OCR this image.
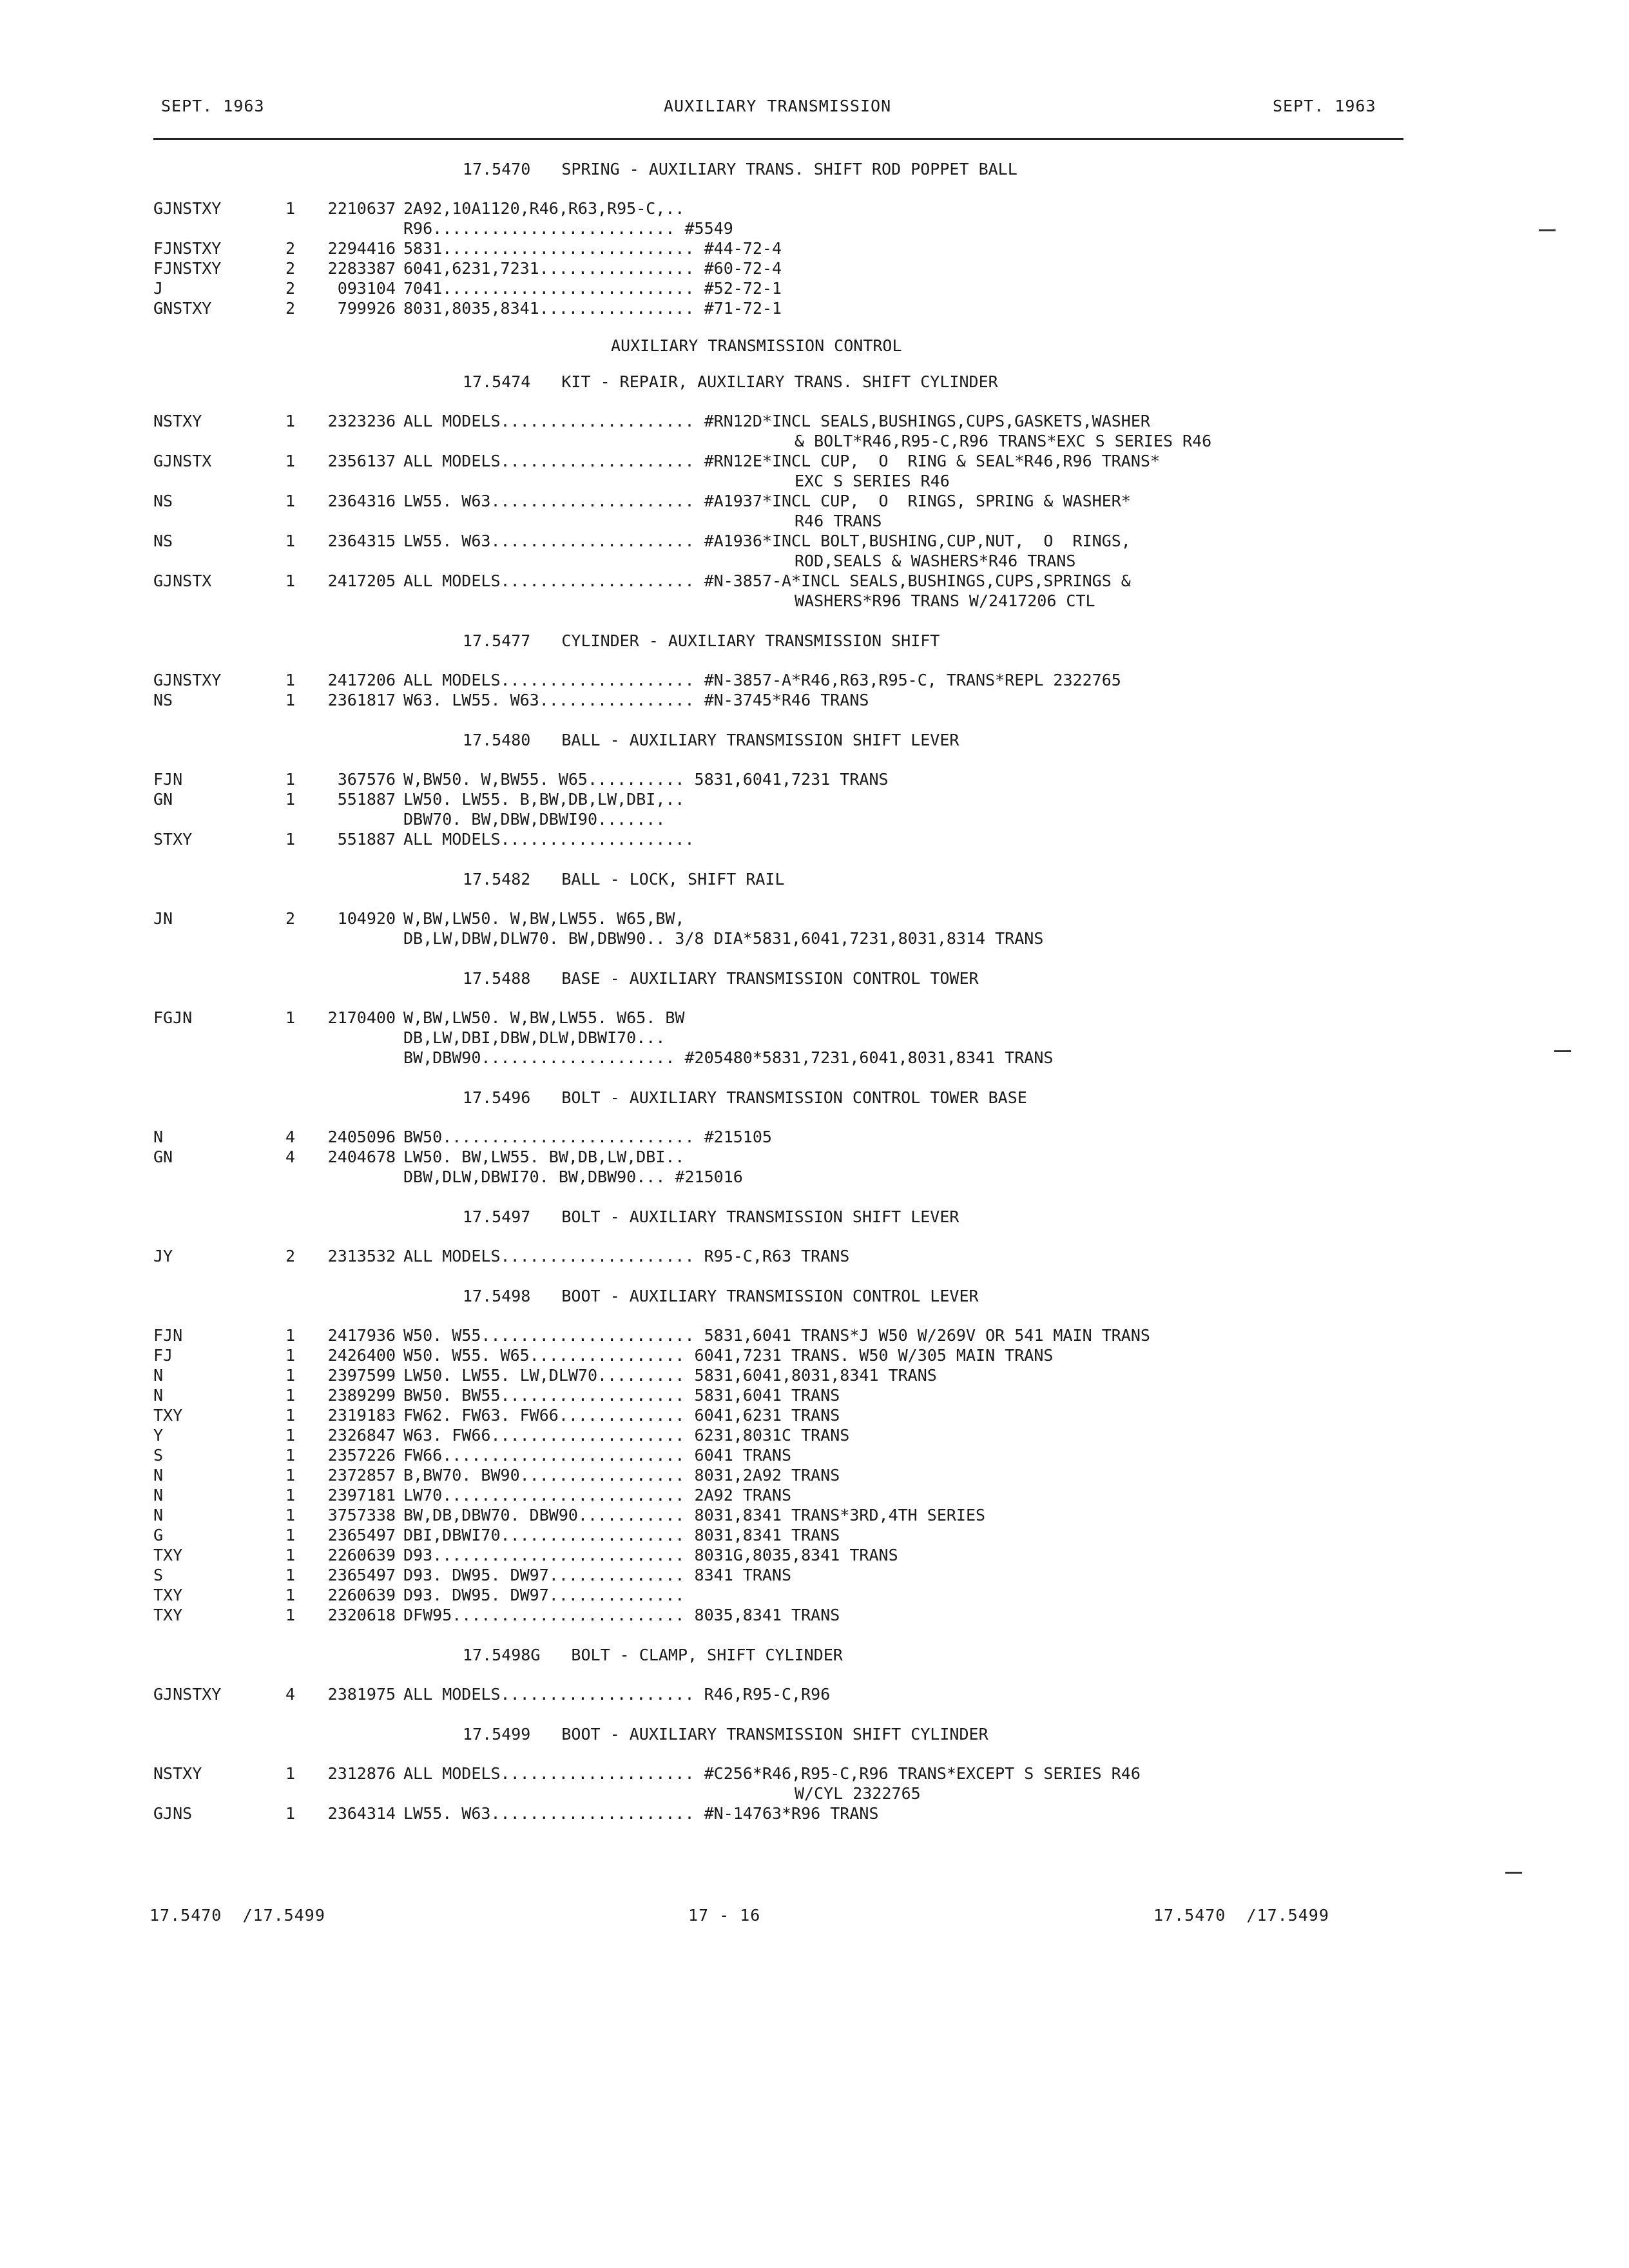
SEPT. 1963	AUXILIARY TRANSMISSION	SEPT. 1963
17.5470 SPRING - AUXILIARY TRANS. SHIFT ROD POPPET BALL
GJNSTXY	1	2210637 2A92,10A1120,R46,R63,R95-C,..
R96......................... #5549
FJNSTXY	2	2294416 5831.......................... #44-72-4
FJNSTXY	2	2283387 6041,6231,7231................ #60-72-4
J	2	093104 7041.......................... #52-72-1
GNSTXY	2	799926 8031,8035,8341................ #71-72-1
AUXILIARY TRANSMISSION CONTROL
17.5474 KIT - REPAIR, AUXILIARY TRANS. SHIFT CYLINDER
NSTXY	1	2323236 ALL MODELS.................... #RN12D*INCL SEALS,BUSHINGS,CUPS,GASKETS,WASHER
& BOLT*R46,R95-C,R96 TRANS*EXC S SERIES R46
GJNSTX	1	2356137 ALL MODELS.................... #RN12E*INCL CUP,  O  RING & SEAL*R46,R96 TRANS*
EXC S SERIES R46
NS	1	2364316 LW55. W63..................... #A1937*INCL CUP,  O  RINGS, SPRING & WASHER*
R46 TRANS
NS	1	2364315 LW55. W63..................... #A1936*INCL BOLT,BUSHING,CUP,NUT,  O  RINGS,
ROD,SEALS & WASHERS*R46 TRANS
GJNSTX	1	2417205 ALL MODELS.................... #N-3857-A*INCL SEALS,BUSHINGS,CUPS,SPRINGS &
WASHERS*R96 TRANS W/2417206 CTL
17.5477 CYLINDER - AUXILIARY TRANSMISSION SHIFT
GJNSTXY	1	2417206 ALL MODELS.................... #N-3857-A*R46,R63,R95-C, TRANS*REPL 2322765
NS	1	2361817 W63. LW55. W63................ #N-3745*R46 TRANS
17.5480 BALL - AUXILIARY TRANSMISSION SHIFT LEVER
FJN	1	367576 W,BW50. W,BW55. W65.......... 5831,6041,7231 TRANS
GN	1	551887 LW50. LW55. B,BW,DB,LW,DBI,..
DBW70. BW,DBW,DBWI90.......
STXY	1	551887 ALL MODELS....................
17.5482 BALL - LOCK, SHIFT RAIL
JN	2	104920 W,BW,LW50. W,BW,LW55. W65,BW,
DB,LW,DBW,DLW70. BW,DBW90.. 3/8 DIA*5831,6041,7231,8031,8314 TRANS
17.5488 BASE - AUXILIARY TRANSMISSION CONTROL TOWER
FGJN	1	2170400 W,BW,LW50. W,BW,LW55. W65. BW
DB,LW,DBI,DBW,DLW,DBWI70...
BW,DBW90.................... #205480*5831,7231,6041,8031,8341 TRANS
17.5496 BOLT - AUXILIARY TRANSMISSION CONTROL TOWER BASE
N	4	2405096 BW50.......................... #215105
GN	4	2404678 LW50. BW,LW55. BW,DB,LW,DBI..
DBW,DLW,DBWI70. BW,DBW90... #215016
17.5497 BOLT - AUXILIARY TRANSMISSION SHIFT LEVER
JY	2	2313532 ALL MODELS.................... R95-C,R63 TRANS
17.5498 BOOT - AUXILIARY TRANSMISSION CONTROL LEVER
FJN	1	2417936 W50. W55...................... 5831,6041 TRANS*J W50 W/269V OR 541 MAIN TRANS
FJ	1	2426400 W50. W55. W65................ 6041,7231 TRANS. W50 W/305 MAIN TRANS
N	1	2397599 LW50. LW55. LW,DLW70......... 5831,6041,8031,8341 TRANS
N	1	2389299 BW50. BW55................... 5831,6041 TRANS
TXY	1	2319183 FW62. FW63. FW66............. 6041,6231 TRANS
Y	1	2326847 W63. FW66.................... 6231,8031C TRANS
S	1	2357226 FW66......................... 6041 TRANS
N	1	2372857 B,BW70. BW90................. 8031,2A92 TRANS
N	1	2397181 LW70......................... 2A92 TRANS
N	1	3757338 BW,DB,DBW70. DBW90........... 8031,8341 TRANS*3RD,4TH SERIES
G	1	2365497 DBI,DBWI70................... 8031,8341 TRANS
TXY	1	2260639 D93.......................... 8031G,8035,8341 TRANS
S	1	2365497 D93. DW95. DW97.............. 8341 TRANS
TXY	1	2260639 D93. DW95. DW97..............
TXY	1	2320618 DFW95........................ 8035,8341 TRANS
17.5498G BOLT - CLAMP, SHIFT CYLINDER
GJNSTXY	4	2381975 ALL MODELS.................... R46,R95-C,R96
17.5499 BOOT - AUXILIARY TRANSMISSION SHIFT CYLINDER
NSTXY	1	2312876 ALL MODELS.................... #C256*R46,R95-C,R96 TRANS*EXCEPT S SERIES R46
W/CYL 2322765
GJNS	1	2364314 LW55. W63..................... #N-14763*R96 TRANS
17.5470  /17.5499	17 - 16	17.5470  /17.5499
